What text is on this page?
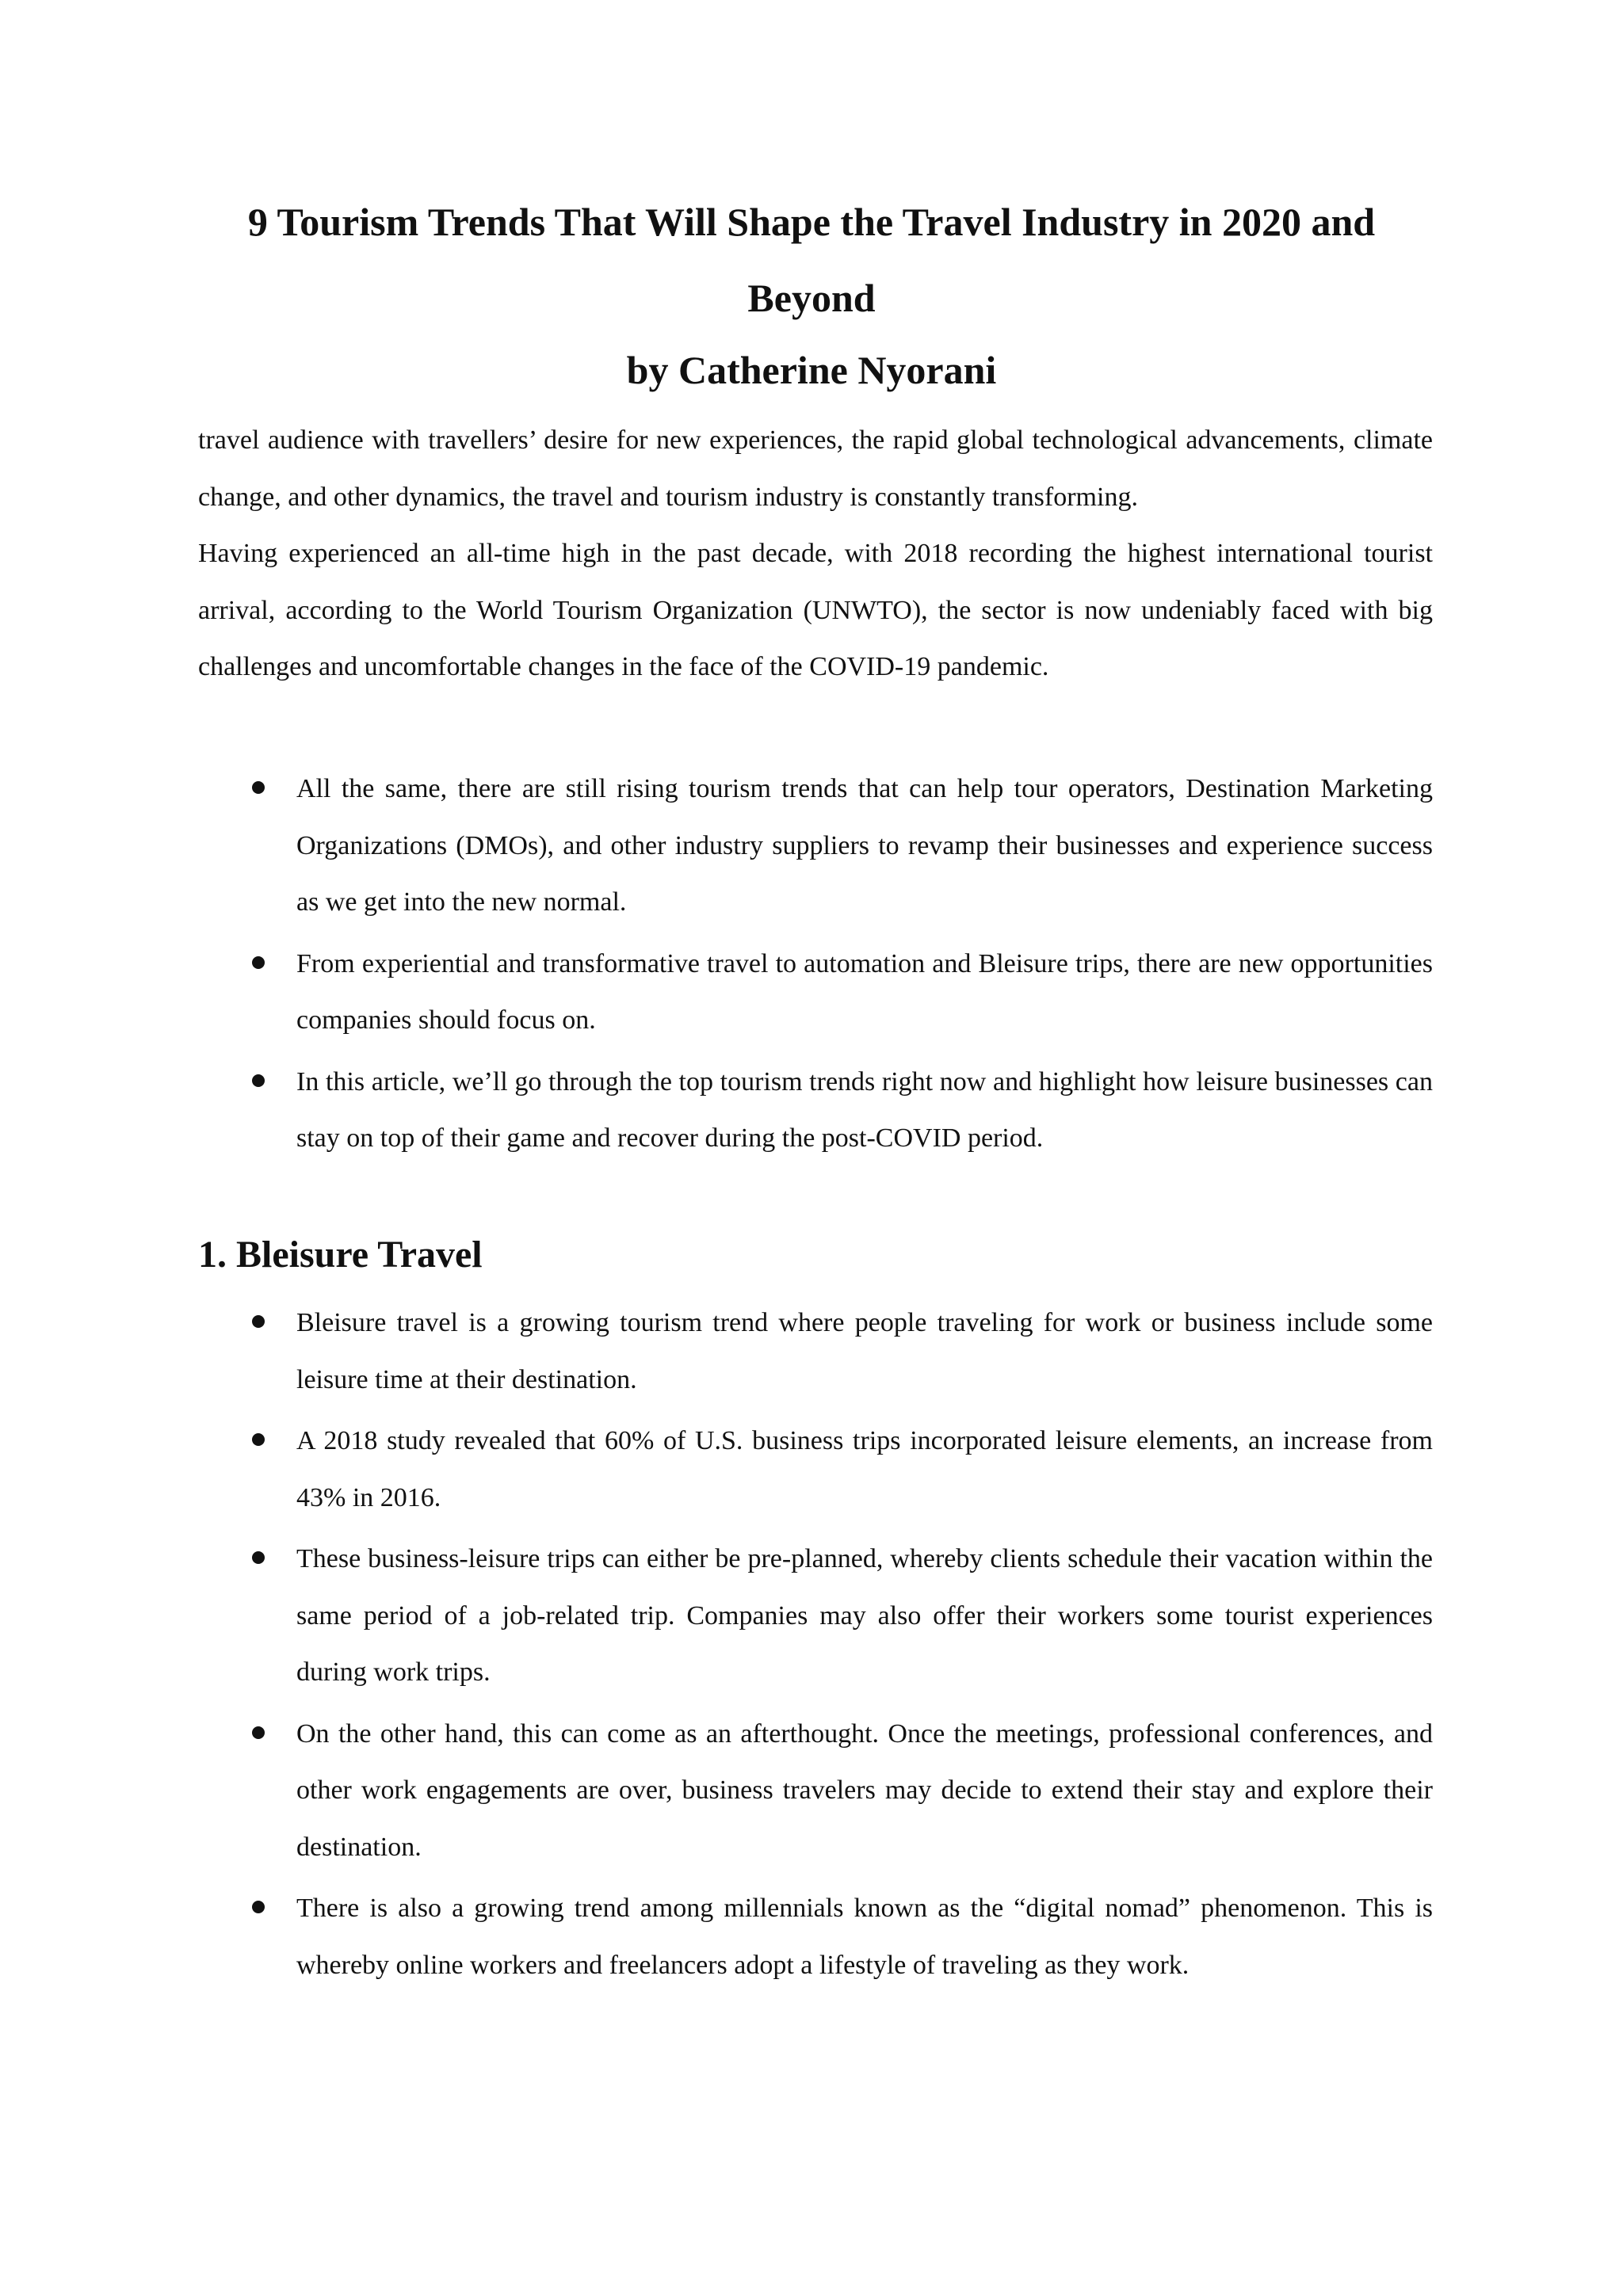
9 Tourism Trends That Will Shape the Travel Industry in 2020 and Beyond
by Catherine Nyorani

travel audience with travellers’ desire for new experiences, the rapid global technological advancements, climate change, and other dynamics, the travel and tourism industry is constantly transforming.

Having experienced an all-time high in the past decade, with 2018 recording the highest international tourist arrival, according to the World Tourism Organization (UNWTO), the sector is now undeniably faced with big challenges and uncomfortable changes in the face of the COVID-19 pandemic.

All the same, there are still rising tourism trends that can help tour operators, Destination Marketing Organizations (DMOs), and other industry suppliers to revamp their businesses and experience success as we get into the new normal.
From experiential and transformative travel to automation and Bleisure trips, there are new opportunities companies should focus on.
In this article, we’ll go through the top tourism trends right now and highlight how leisure businesses can stay on top of their game and recover during the post-COVID period.
1. Bleisure Travel
Bleisure travel is a growing tourism trend where people traveling for work or business include some leisure time at their destination.
A 2018 study revealed that 60% of U.S. business trips incorporated leisure elements, an increase from 43% in 2016.
These business-leisure trips can either be pre-planned, whereby clients schedule their vacation within the same period of a job-related trip. Companies may also offer their workers some tourist experiences during work trips.
On the other hand, this can come as an afterthought. Once the meetings, professional conferences, and other work engagements are over, business travelers may decide to extend their stay and explore their destination.
There is also a growing trend among millennials known as the “digital nomad” phenomenon. This is whereby online workers and freelancers adopt a lifestyle of traveling as they work.
